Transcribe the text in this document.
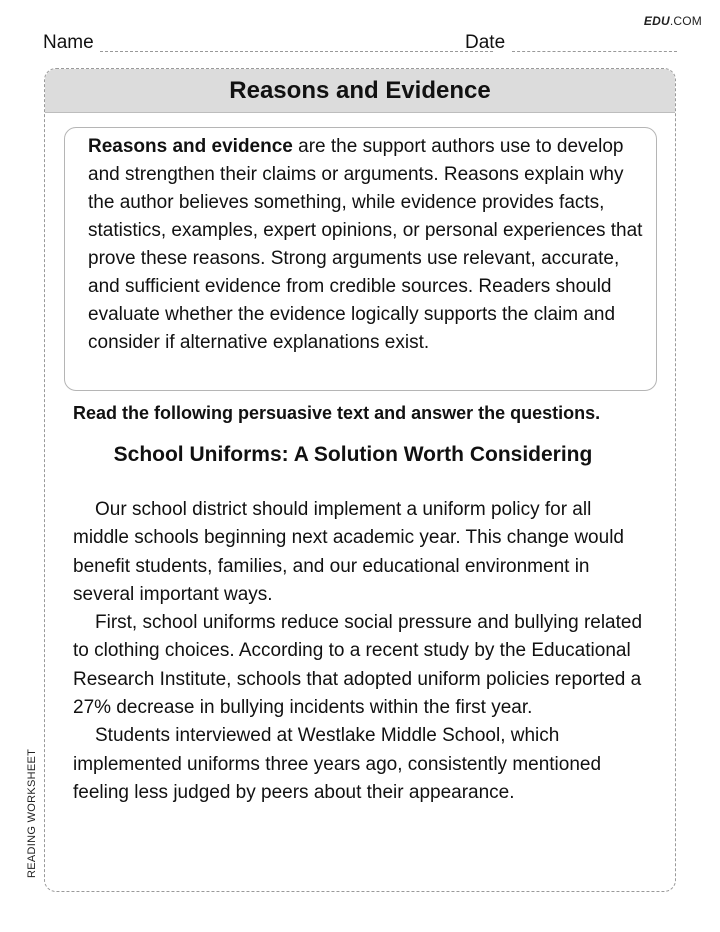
EDU.COM
Name	Date
READING WORKSHEET
Reasons and Evidence
Reasons and evidence are the support authors use to develop and strengthen their claims or arguments. Reasons explain why the author believes something, while evidence provides facts, statistics, examples, expert opinions, or personal experiences that prove these reasons. Strong arguments use relevant, accurate, and sufficient evidence from credible sources. Readers should evaluate whether the evidence logically supports the claim and consider if alternative explanations exist.
Read the following persuasive text and answer the questions.
School Uniforms: A Solution Worth Considering

Our school district should implement a uniform policy for all middle schools beginning next academic year. This change would benefit students, families, and our educational environment in several important ways.

First, school uniforms reduce social pressure and bullying related to clothing choices. According to a recent study by the Educational Research Institute, schools that adopted uniform policies reported a 27% decrease in bullying incidents within the first year.

Students interviewed at Westlake Middle School, which implemented uniforms three years ago, consistently mentioned feeling less judged by peers about their appearance.
